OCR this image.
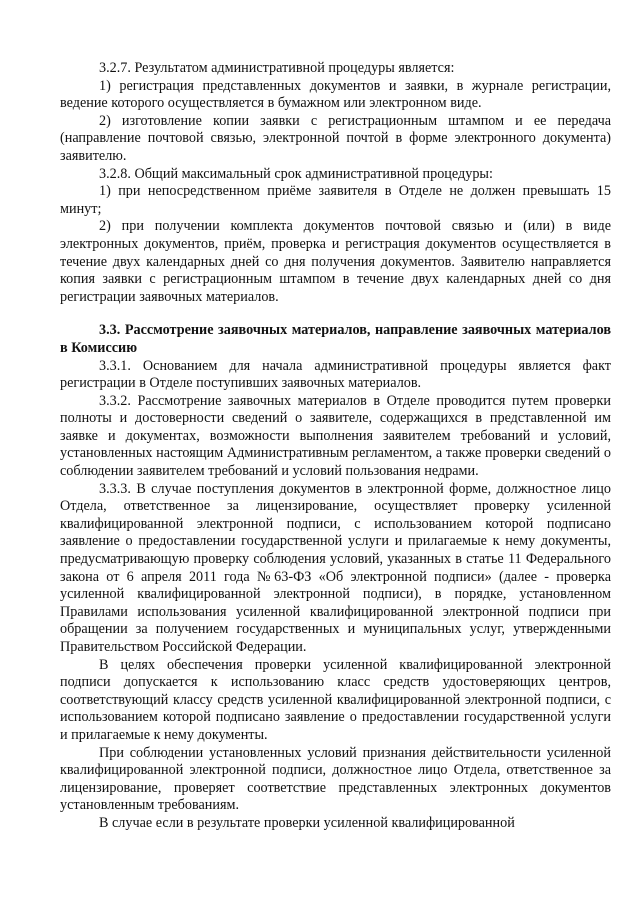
3.2.7. Результатом административной процедуры является:

1) регистрация представленных документов и заявки, в журнале регистрации, ведение которого осуществляется в бумажном или электронном виде.

2) изготовление копии заявки с регистрационным штампом и ее передача (направление почтовой связью, электронной почтой в форме электронного документа) заявителю.

3.2.8. Общий максимальный срок административной процедуры:

1) при непосредственном приёме заявителя в Отделе не должен превышать 15 минут;

2) при получении комплекта документов почтовой связью и (или) в виде электронных документов, приём, проверка и регистрация документов осуществляется в течение двух календарных дней со дня получения документов. Заявителю направляется копия заявки с регистрационным штампом в течение двух календарных дней со дня регистрации заявочных материалов.

3.3. Рассмотрение заявочных материалов, направление заявочных материалов в Комиссию

3.3.1. Основанием для начала административной процедуры является факт регистрации в Отделе поступивших заявочных материалов.

3.3.2. Рассмотрение заявочных материалов в Отделе проводится путем проверки полноты и достоверности сведений о заявителе, содержащихся в представленной им заявке и документах, возможности выполнения заявителем требований и условий, установленных настоящим Административным регламентом, а также проверки сведений о соблюдении заявителем требований и условий пользования недрами.

3.3.3. В случае поступления документов в электронной форме, должностное лицо Отдела, ответственное за лицензирование, осуществляет проверку усиленной квалифицированной электронной подписи, с использованием которой подписано заявление о предоставлении государственной услуги и прилагаемые к нему документы, предусматривающую проверку соблюдения условий, указанных в статье 11 Федерального закона от 6 апреля 2011 года №63-ФЗ «Об электронной подписи» (далее - проверка усиленной квалифицированной электронной подписи), в порядке, установленном Правилами использования усиленной квалифицированной электронной подписи при обращении за получением государственных и муниципальных услуг, утвержденными Правительством Российской Федерации.

В целях обеспечения проверки усиленной квалифицированной электронной подписи допускается к использованию класс средств удостоверяющих центров, соответствующий классу средств усиленной квалифицированной электронной подписи, с использованием которой подписано заявление о предоставлении государственной услуги и прилагаемые к нему документы.

При соблюдении установленных условий признания действительности усиленной квалифицированной электронной подписи, должностное лицо Отдела, ответственное за лицензирование, проверяет соответствие представленных электронных документов установленным требованиям.

В случае если в результате проверки усиленной квалифицированной
